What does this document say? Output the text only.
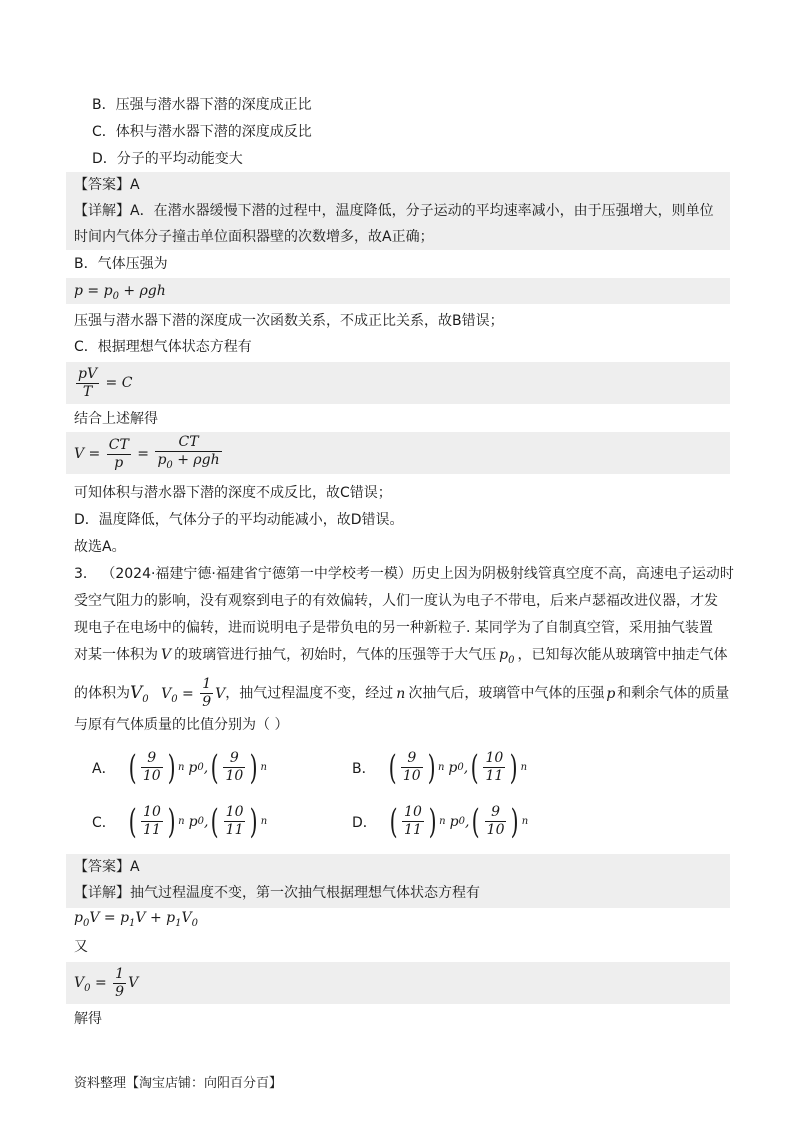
B．压强与潜水器下潜的深度成正比
C．体积与潜水器下潜的深度成反比
D．分子的平均动能变大
【答案】A
【详解】A．在潜水器缓慢下潜的过程中，温度降低，分子运动的平均速率减小，由于压强增大，则单位
时间内气体分子撞击单位面积器壁的次数增多，故A正确；
B．气体压强为
$p = p_0 + \rho gh$
压强与潜水器下潜的深度成一次函数关系，不成正比关系，故B错误；
C．根据理想气体状态方程有
$\frac{pV}{T} = C$
结合上述解得
$V = \frac{CT}{p} = \frac{CT}{p_0 + \rho gh}$
可知体积与潜水器下潜的深度不成反比，故C错误；
D．温度降低，气体分子的平均动能减小，故D错误。
故选A。
3． （2024·福建宁德·福建省宁德第一中学校考一模）历史上因为阴极射线管真空度不高，高速电子运动时
受空气阻力的影响，没有观察到电子的有效偏转，人们一度认为电子不带电，后来卢瑟福改进仪器，才发
现电子在电场中的偏转，进而说明电子是带负电的另一种新粒子. 某同学为了自制真空管，采用抽气装置
对某一体积为 V 的玻璃管进行抽气，初始时，气体的压强等于大气压 $p_0$ ，已知每次能从玻璃管中抽走气体
的体积为$V_0$ $V_0 = \frac{1}{9}$ V，抽气过程温度不变，经过 n 次抽气后，玻璃管中气体的压强 p 和剩余气体的质量
与原有气体质量的比值分别为（ ）
A． ( $\frac{9}{10}$ ) n p 0 , ( $\frac{9}{10}$ ) n	B． ( $\frac{9}{10}$ ) n p 0 , ( $\frac{10}{11}$ ) n
C． ( $\frac{10}{11}$ ) n p 0 , ( $\frac{10}{11}$ ) n	D． ( $\frac{10}{11}$ ) n p 0 , ( $\frac{9}{10}$ ) n
【答案】A
【详解】抽气过程温度不变，第一次抽气根据理想气体状态方程有
$p_0V = p_1V + p_1V_0$
又
$V_0 = \frac{1}{9}$ V
解得
资料整理【淘宝店铺：向阳百分百】
